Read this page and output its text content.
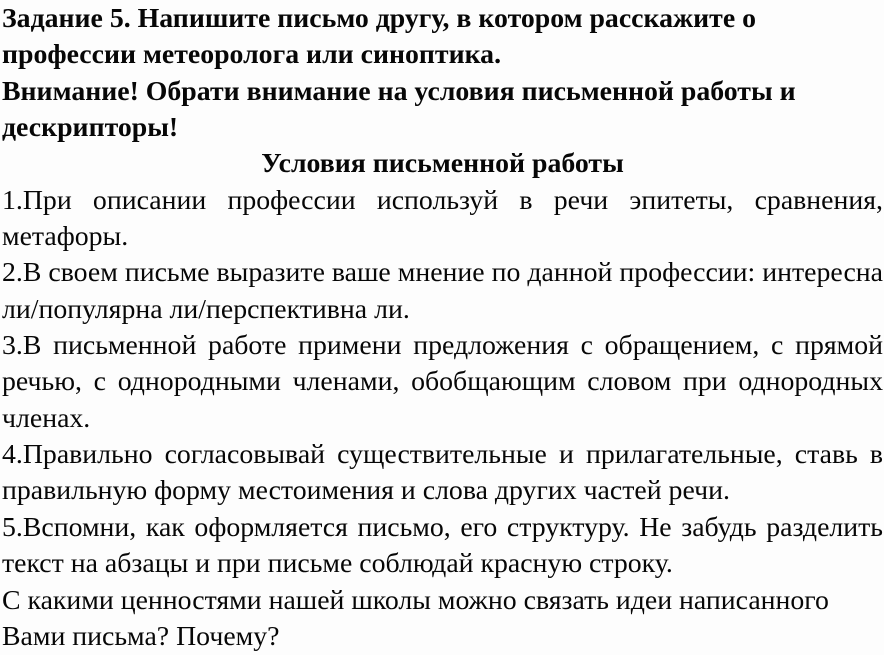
Задание 5. Напишите письмо другу, в котором расскажите о профессии метеоролога или синоптика.

Внимание! Обрати внимание на условия письменной работы и дескрипторы!

Условия письменной работы

1.При описании профессии используй в речи эпитеты, сравнения, метафоры.

2.В своем письме выразите ваше мнение по данной профессии: интересна ли/популярна ли/перспективна ли.

3.В письменной работе примени предложения с обращением, с прямой речью, с однородными членами, обобщающим словом при однородных членах.

4.Правильно согласовывай существительные и прилагательные, ставь в правильную форму местоимения и слова других частей речи.

5.Вспомни, как оформляется письмо, его структуру. Не забудь разделить текст на абзацы и при письме соблюдай красную строку.

С какими ценностями нашей школы можно связать идеи написанного Вами письма? Почему?
